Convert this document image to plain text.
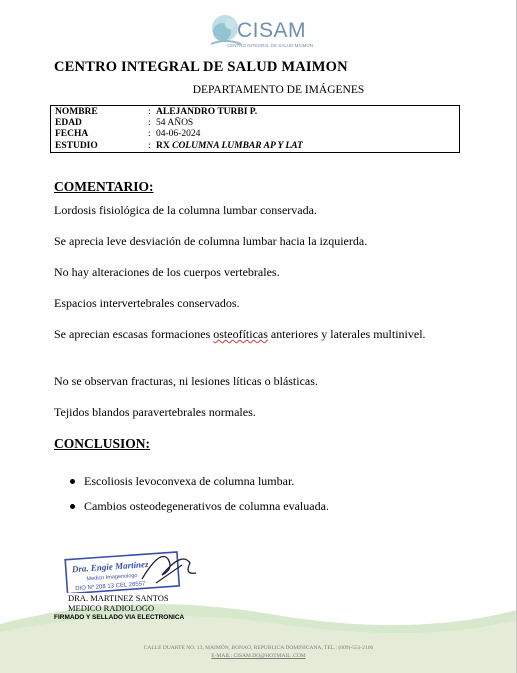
CISAM
CENTRO INTEGRAL DE SALUD MAIMON
CENTRO INTEGRAL DE SALUD MAIMON
DEPARTAMENTO DE IMÁGENES
NOMBRE	: ALEJANDRO TURBI P.
EDAD	: 54 AÑOS
FECHA	: 04-06-2024
ESTUDIO	: RX COLUMNA LUMBAR AP Y LAT
COMENTARIO:
Lordosis fisiológica de la columna lumbar conservada.
Se aprecia leve desviación de columna lumbar hacia la izquierda.
No hay alteraciones de los cuerpos vertebrales.
Espacios intervertebrales conservados.
Se aprecian escasas formaciones osteofíticas anteriores y laterales multinivel.
No se observan fracturas, ni lesiones líticas o blásticas.
Tejidos blandos paravertebrales normales.
CONCLUSION:
Escoliosis levoconvexa de columna lumbar.
Cambios osteodegenerativos de columna evaluada.
Dra. Engie Martinez
Medico Imagenologo
DIO Nº 208 13 CEL 28557
DRA. MARTINEZ SANTOS
MEDICO RADIOLOGO
FIRMADO Y SELLADO VIA ELECTRONICA
CALLE DUARTE NO. 13, MAIMÓN, BONAO, REPUBLICA DOMINICANA, TEL.: (809)-551-2106
E-MAIL: CISAM.DO@HOTMAIL .COM
